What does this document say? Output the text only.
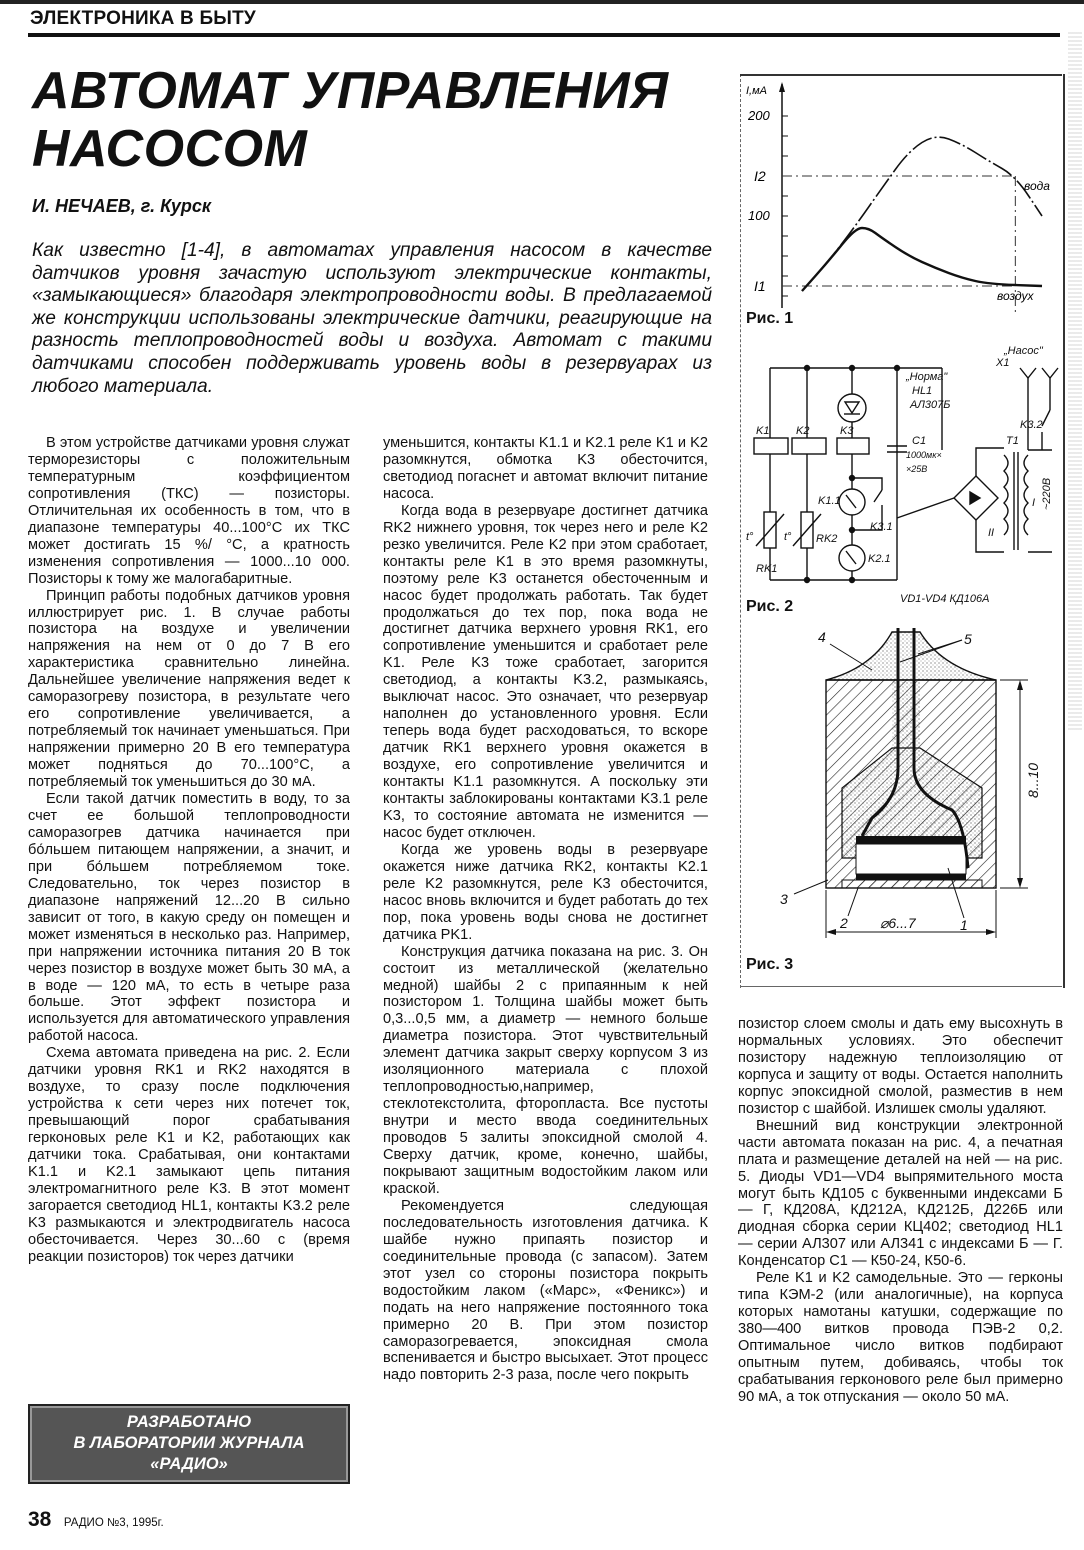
ЭЛЕКТРОНИКА В БЫТУ
АВТОМАТ УПРАВЛЕНИЯ
НАСОСОМ
И. НЕЧАЕВ, г. Курск
Как известно [1-4], в автоматах управления насосом в качестве датчиков уровня зачастую используют электрические контакты, «замыкающиеся» благодаря электропроводности воды. В предлагаемой же конструкции использованы электрические датчики, реагирующие на разность теплопроводностей воды и воздуха. Автомат с такими датчиками способен поддерживать уровень воды в резервуарах из любого материала.

В этом устройстве датчиками уровня служат терморезисторы с положительным температурным коэффициентом сопротивления (ТКС) — позисторы. Отличительная их особенность в том, что в диапазоне температуры 40...100°С их ТКС может достигать 15 %/ °С, а кратность изменения сопротивления — 1000...10 000. Позисторы к тому же малогабаритные.

Принцип работы подобных датчиков уровня иллюстрирует рис. 1. В случае работы позистора на воздухе и увеличении напряжения на нем от 0 до 7 В его характеристика сравнительно линейна. Дальнейшее увеличение напряжения ведет к саморазогреву позистора, в результате чего его сопротивление увеличивается, а потребляемый ток начинает уменьшаться. При напряжении примерно 20 В его температура может подняться до 70...100°С, а потребляемый ток уменьшиться до 30 мА.

Если такой датчик поместить в воду, то за счет ее большой теплопроводности саморазогрев датчика начинается при бо́льшем питающем напряжении, а значит, и при бо́льшем потребляемом токе. Следовательно, ток через позистор в диапазоне напряжений 12...20 В сильно зависит от того, в какую среду он помещен и может изменяться в несколько раз. Например, при напряжении источника питания 20 В ток через позистор в воздухе может быть 30 мА, а в воде — 120 мА, то есть в четыре раза больше. Этот эффект позистора и используется для автоматического управления работой насоса.

Схема автомата приведена на рис. 2. Если датчики уровня RK1 и RK2 находятся в воздухе, то сразу после подключения устройства к сети через них потечет ток, превышающий порог срабатывания герконовых реле K1 и K2, работающих как датчики тока. Срабатывая, они контактами K1.1 и K2.1 замыкают цепь питания электромагнитного реле K3. В этот момент загорается светодиод HL1, контакты K3.2 реле K3 размыкаются и электродвигатель насоса обесточивается. Через 30...60 с (время реакции позисторов) ток через датчики

уменьшится, контакты K1.1 и K2.1 реле K1 и K2 разомкнутся, обмотка K3 обесточится, светодиод погаснет и автомат включит питание насоса.

Когда вода в резервуаре достигнет датчика RK2 нижнего уровня, ток через него и реле K2 резко увеличится. Реле K2 при этом сработает, контакты реле K1 в это время разомкнуты, поэтому реле K3 останется обесточенным и насос будет продолжать работать. Так будет продолжаться до тех пор, пока вода не достигнет датчика верхнего уровня RK1, его сопротивление уменьшится и сработает реле K1. Реле K3 тоже сработает, загорится светодиод, а контакты K3.2, размыкаясь, выключат насос. Это означает, что резервуар наполнен до установленного уровня. Если теперь вода будет расходоваться, то вскоре датчик RK1 верхнего уровня окажется в воздухе, его сопротивление увеличится и контакты K1.1 разомкнутся. А поскольку эти контакты заблокированы контактами K3.1 реле K3, то состояние автомата не изменится — насос будет отключен.

Когда же уровень воды в резервуаре окажется ниже датчика RK2, контакты K2.1 реле K2 разомкнутся, реле K3 обесточится, насос вновь включится и будет работать до тех пор, пока уровень воды снова не достигнет датчика PK1.

Конструкция датчика показана на рис. 3. Он состоит из металлической (желательно медной) шайбы 2 с припаянным к ней позистором 1. Толщина шайбы может быть 0,3...0,5 мм, а диаметр — немного больше диаметра позистора. Этот чувствительный элемент датчика закрыт сверху корпусом 3 из изоляционного материала с плохой теплопроводностью,например, стеклотекстолита, фторопласта. Все пустоты внутри и место ввода соединительных проводов 5 залиты эпоксидной смолой 4. Сверху датчик, кроме, конечно, шайбы, покрывают защитным водостойким лаком или краской.

Рекомендуется следующая последовательность изготовления датчика. К шайбе нужно припаять позистор и соединительные провода (с запасом). Затем этот узел со стороны позистора покрыть водостойким лаком («Марс», «Феникс») и подать на него напряжение постоянного тока примерно 20 В. При этом позистор саморазогревается, эпоксидная смола вспенивается и быстро высыхает. Этот процесс надо повторить 2-3 раза, после чего покрыть

позистор слоем смолы и дать ему высохнуть в нормальных условиях. Это обеспечит позистору надежную теплоизоляцию от корпуса и защиту от воды. Остается наполнить корпус эпоксидной смолой, разместив в нем позистор с шайбой. Излишек смолы удаляют.

Внешний вид конструкции электронной части автомата показан на рис. 4, а печатная плата и размещение деталей на ней — на рис. 5. Диоды VD1—VD4 выпрямительного моста могут быть КД105 с буквенными индексами Б — Г, КД208А, КД212А, КД212Б, Д226Б или диодная сборка серии КЦ402; светодиод HL1 — серии АЛ307 или АЛ341 с индексами Б — Г. Конденсатор С1 — К50-24, К50-6.

Реле K1 и K2 самодельные. Это — герконы типа КЭМ-2 (или аналогичные), на корпуса которых намотаны катушки, содержащие по 380—400 витков провода ПЭВ-2 0,2. Оптимальное число витков подбирают опытным путем, добиваясь, чтобы ток срабатывания герконового реле был примерно 90 мА, а ток отпускания — около 50 мА.

РАЗРАБОТАНО
В ЛАБОРАТОРИИ ЖУРНАЛА
«РАДИО»
38 РАДИО №3, 1995г.
I,мА
200
100
I2
I1
вода
воздух
Рис. 1
K1 K2	K3
„Норма"
HL1
АЛ307Б
C1
1000мк×
×25В
T1
X1
„Насос"
K3.2
K1.1
K3.1
K2.1
RK1
RK2
t°	t°
I
II
VD1-VD4 КД106А
~220В
Рис. 2
4	5
3
2	1
⌀6...7
8...10
Рис. 3
